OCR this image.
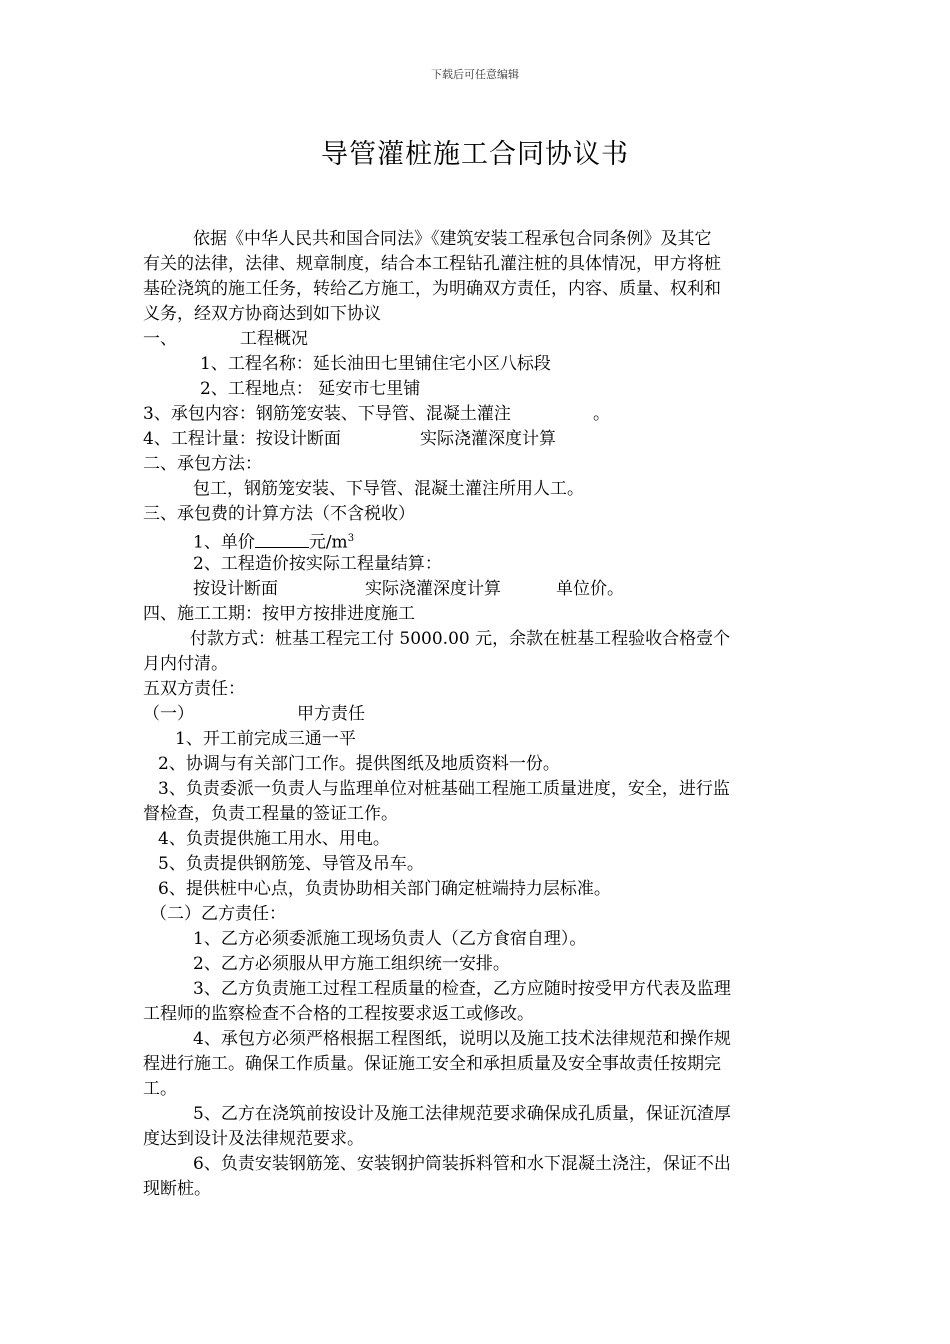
下载后可任意编辑
导管灌桩施工合同协议书
依据《中华人民共和国合同法》《建筑安装工程承包合同条例》及其它
有关的法律，法律、规章制度，结合本工程钻孔灌注桩的具体情况，甲方将桩
基砼浇筑的施工任务，转给乙方施工，为明确双方责任，内容、质量、权利和
义务，经双方协商达到如下协议
一、	工程概况
1、工程名称：延长油田七里铺住宅小区八标段
2、工程地点： 延安市七里铺
3、承包内容：钢筋笼安装、下导管、混凝土灌注	。
4、工程计量：按设计断面	实际浇灌深度计算
二、承包方法：
包工，钢筋笼安装、下导管、混凝土灌注所用人工。
三、承包费的计算方法（不含税收）
1、单价	元$/m^3$
2、工程造价按实际工程量结算：
按设计断面	实际浇灌深度计算	单位价。
四、施工工期：按甲方按排进度施工
付款方式：桩基工程完工付 5000.00 元，余款在桩基工程验收合格壹个
月内付清。
五双方责任：
（一）	甲方责任
1、开工前完成三通一平
2、协调与有关部门工作。提供图纸及地质资料一份。
3、负责委派一负责人与监理单位对桩基础工程施工质量进度，安全，进行监
督检查，负责工程量的签证工作。
4、负责提供施工用水、用电。
5、负责提供钢筋笼、导管及吊车。
6、提供桩中心点，负责协助相关部门确定桩端持力层标准。
（二）乙方责任：
1、乙方必须委派施工现场负责人（乙方食宿自理）。
2、乙方必须服从甲方施工组织统一安排。
3、乙方负责施工过程工程质量的检查，乙方应随时按受甲方代表及监理
工程师的监察检查不合格的工程按要求返工或修改。
4、承包方必须严格根据工程图纸，说明以及施工技术法律规范和操作规
程进行施工。确保工作质量。保证施工安全和承担质量及安全事故责任按期完
工。
5、乙方在浇筑前按设计及施工法律规范要求确保成孔质量，保证沉渣厚
度达到设计及法律规范要求。
6、负责安装钢筋笼、安装钢护筒装拆料管和水下混凝土浇注，保证不出
现断桩。
